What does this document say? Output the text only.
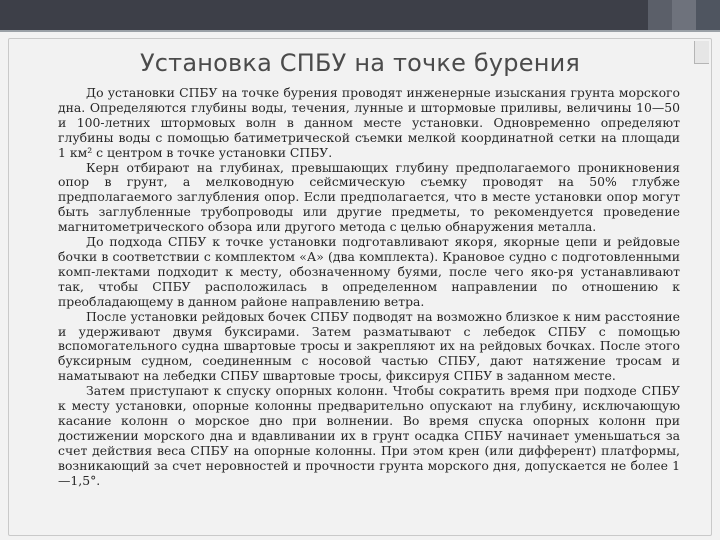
Установка СПБУ на точке бурения

До установки СПБУ на точке бурения проводят инженерные изыскания грунта морского дна. Определяются глубины воды, течения, лунные и штормовые приливы, величины 10—50 и 100-летних штормовых волн в данном месте установки. Одновременно определяют глубины воды с помощью батиметрической съемки мелкой координатной сетки на площади 1 км² с центром в точке установки СПБУ.

Керн отбирают на глубинах, превышающих глубину предполагаемого проникновения опор в грунт, а мелководную сейсмическую съемку проводят на 50% глубже предполагаемого заглубления опор. Если предполагается, что в месте установки опор могут быть заглубленные трубопроводы или другие предметы, то рекомендуется проведение магнитометрического обзора или другого метода с целью обнаружения металла.

До подхода СПБУ к точке установки подготавливают якоря, якорные цепи и рейдовые бочки в соответствии с комплектом «А» (два комплекта). Крановое судно с подготовленными комп-лектами подходит к месту, обозначенному буями, после чего яко-ря устанавливают так, чтобы СПБУ расположилась в определенном направлении по отношению к преобладающему в данном районе направлению ветра.

После установки рейдовых бочек СПБУ подводят на возможно близкое к ним расстояние и удерживают двумя буксирами. Затем разматывают с лебедок СПБУ с помощью вспомогательного судна швартовые тросы и закрепляют их на рейдовых бочках. После этого буксирным судном, соединенным с носовой частью СПБУ, дают натяжение тросам и наматывают на лебедки СПБУ швартовые тросы, фиксируя СПБУ в заданном месте.

Затем приступают к спуску опорных колонн. Чтобы сократить время при подходе СПБУ к месту установки, опорные колонны предварительно опускают на глубину, исключающую касание колонн о морское дно при волнении. Во время спуска опорных колонн при достижении морского дна и вдавливании их в грунт осадка СПБУ начинает уменьшаться за счет действия веса СПБУ на опорные колонны. При этом крен (или дифферент) платформы, возникающий за счет неровностей и прочности грунта морского дня, допускается не более 1 —1,5°.
